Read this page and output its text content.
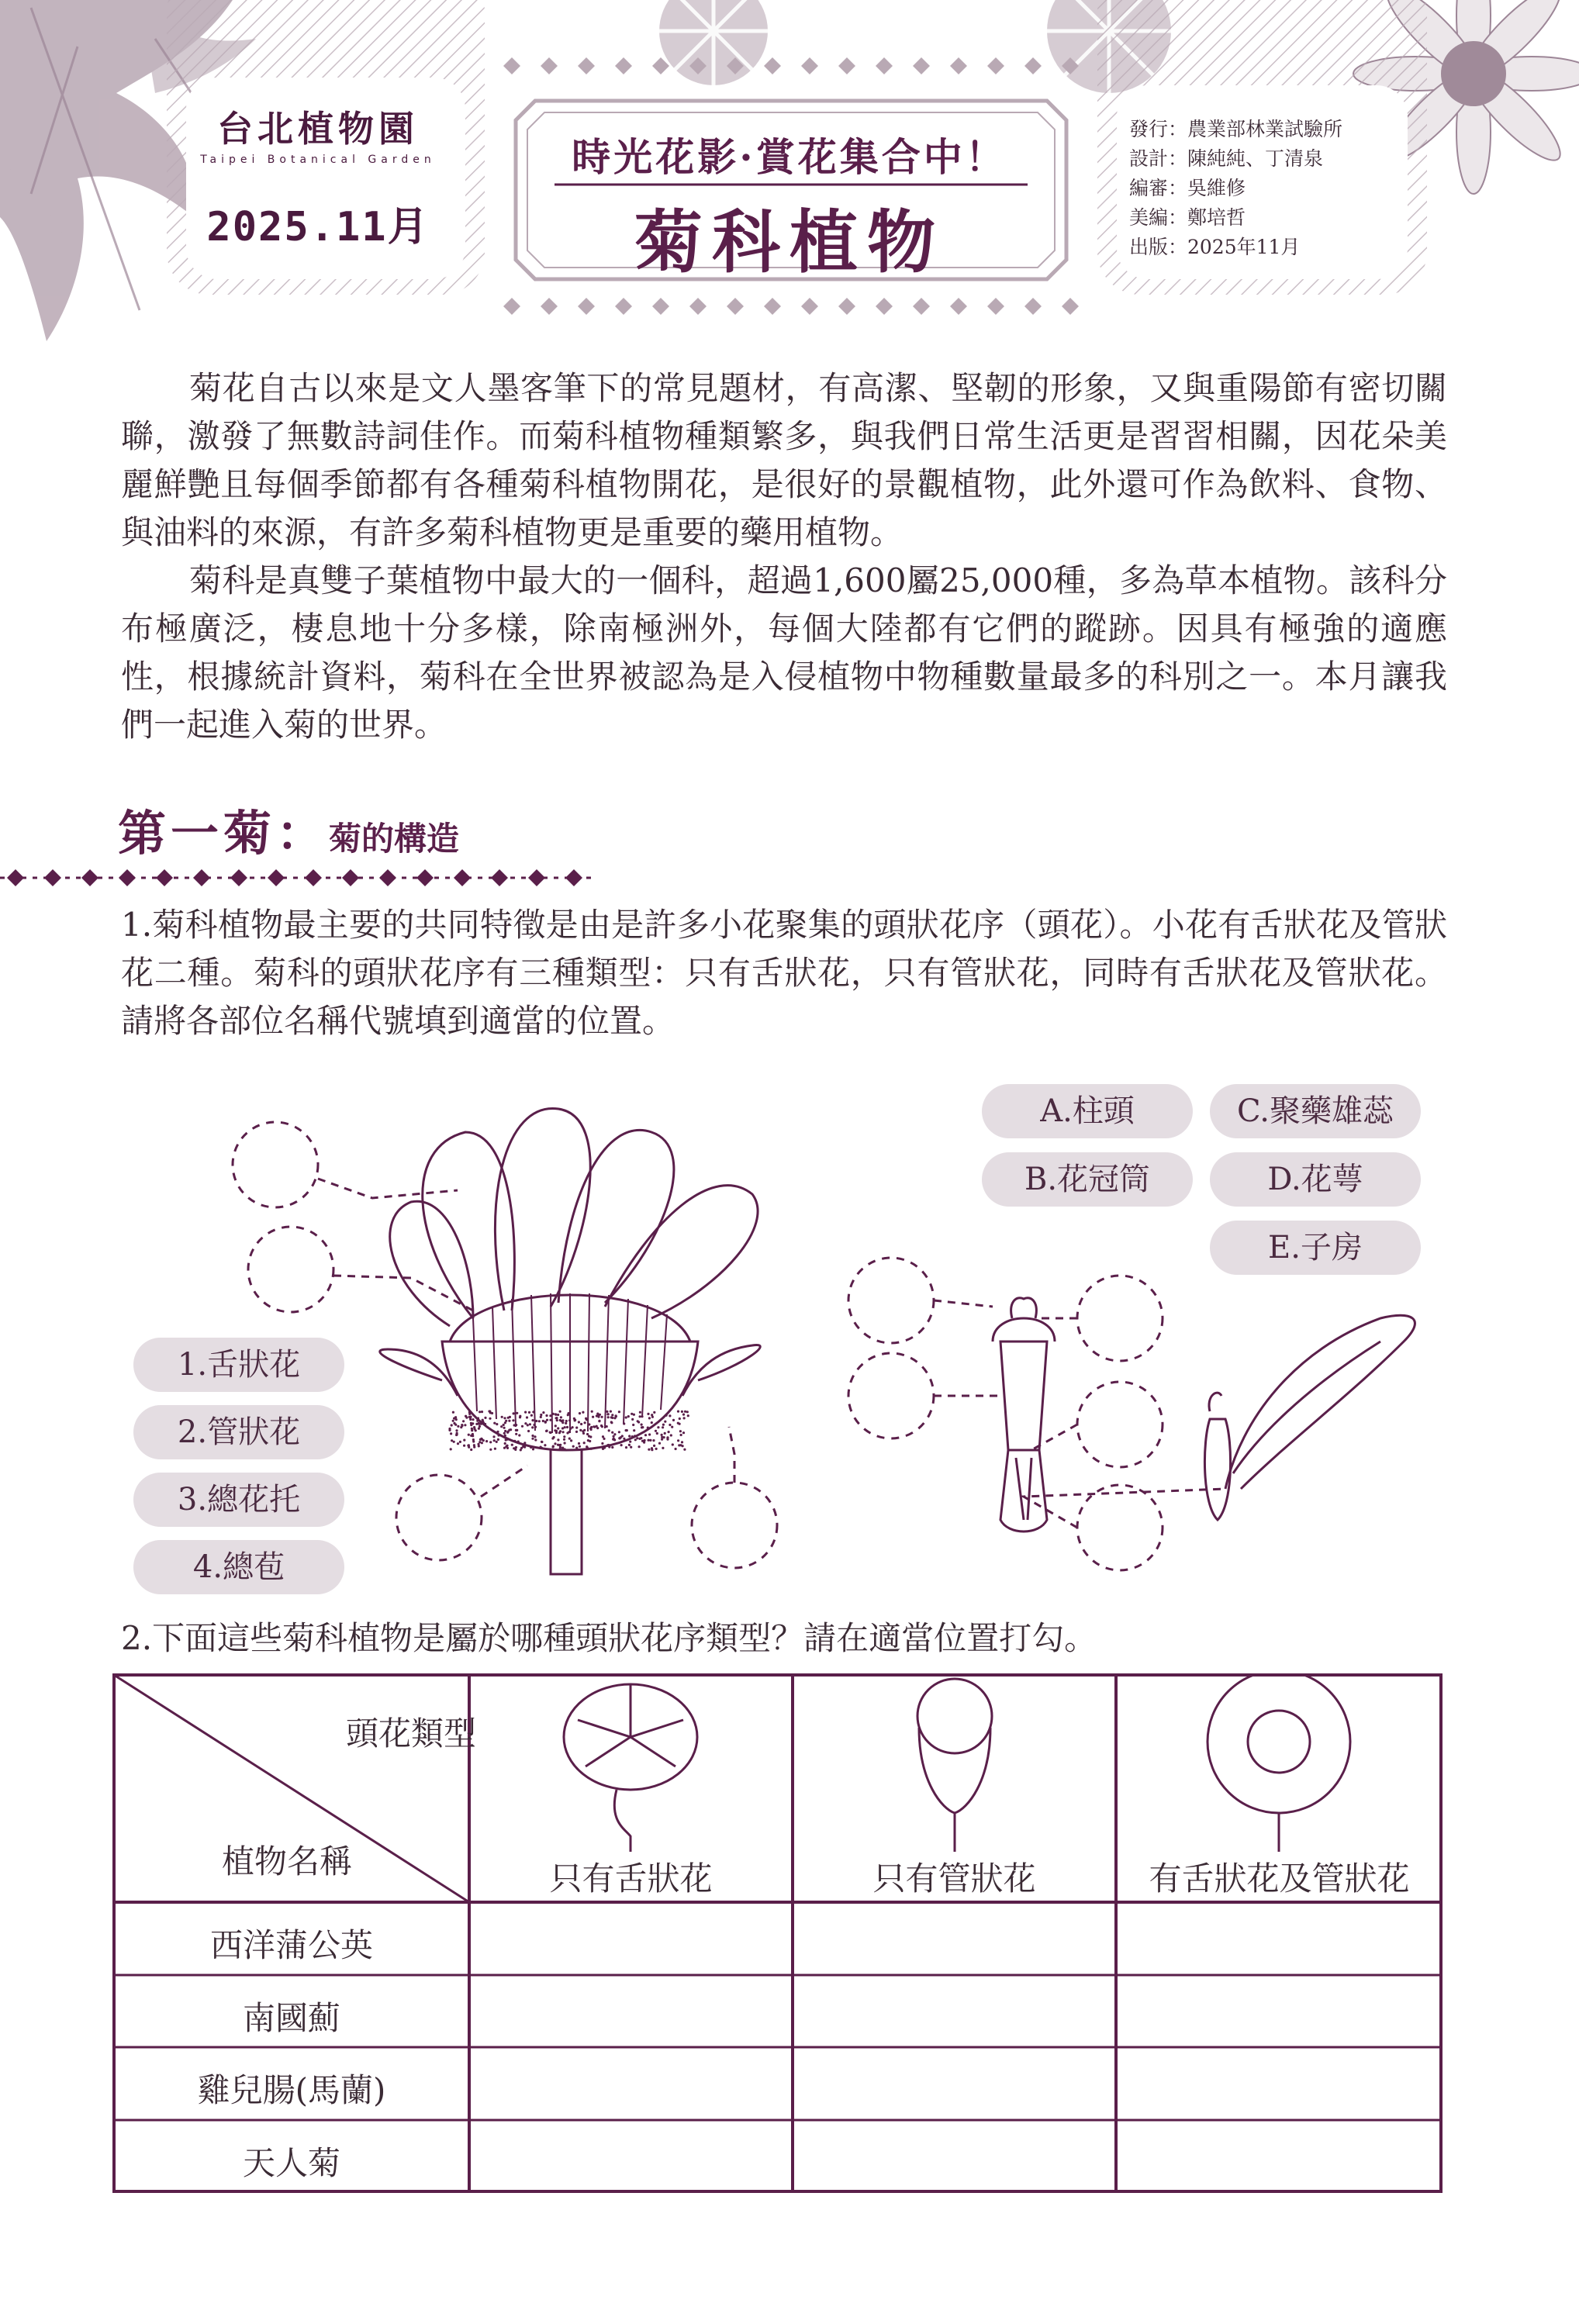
台北植物園
Taipei Botanical Garden
2025.11月
時光花影·賞花集合中！
菊科植物
發行：農業部林業試驗所
設計：陳純純、丁清泉
編審：吳維修
美編：鄭培哲
出版：2025年11月

菊花自古以來是文人墨客筆下的常見題材，有高潔、堅韌的形象，又與重陽節有密切關聯，激發了無數詩詞佳作。而菊科植物種類繁多，與我們日常生活更是習習相關，因花朵美麗鮮艷且每個季節都有各種菊科植物開花，是很好的景觀植物，此外還可作為飲料、食物、與油料的來源，有許多菊科植物更是重要的藥用植物。

菊科是真雙子葉植物中最大的一個科，超過1,600屬25,000種，多為草本植物。該科分布極廣泛，棲息地十分多樣，除南極洲外，每個大陸都有它們的蹤跡。因具有極強的適應性，根據統計資料，菊科在全世界被認為是入侵植物中物種數量最多的科別之一。本月讓我們一起進入菊的世界。

第一菊：菊的構造
1.菊科植物最主要的共同特徵是由是許多小花聚集的頭狀花序（頭花）。小花有舌狀花及管狀花二種。菊科的頭狀花序有三種類型：只有舌狀花，只有管狀花，同時有舌狀花及管狀花。請將各部位名稱代號填到適當的位置。
1.舌狀花
2.管狀花
3.總花托
4.總苞
A.柱頭
B.花冠筒
C.聚藥雄蕊
D.花萼
E.子房
2.下面這些菊科植物是屬於哪種頭狀花序類型？請在適當位置打勾。
頭花類型
植物名稱	只有舌狀花	只有管狀花	有舌狀花及管狀花
西洋蒲公英
南國薊
雞兒腸(馬蘭)
天人菊
